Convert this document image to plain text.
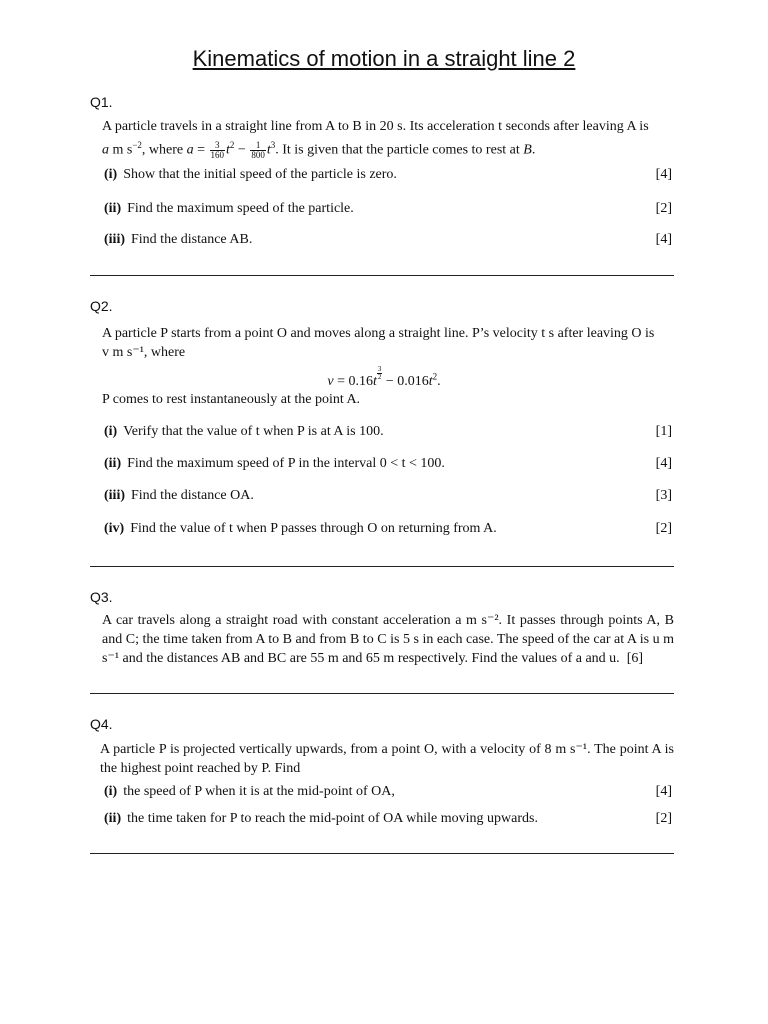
Kinematics of motion in a straight line 2
Q1.
A particle travels in a straight line from A to B in 20 s. Its acceleration t seconds after leaving A is
a m $s^{-2}$, where $a = \frac{3}{160} t^2 - \frac{1}{800} t^3$. It is given that the particle comes to rest at B.
(i) Show that the initial speed of the particle is zero.	[4]
(ii) Find the maximum speed of the particle.	[2]
(iii) Find the distance AB.	[4]
Q2.
A particle P starts from a point O and moves along a straight line. P’s velocity t s after leaving O is
v m s⁻¹, where
v = 0.16t
$\frac{3}{2}$
− $0.016t^2$.
P comes to rest instantaneously at the point A.
(i) Verify that the value of t when P is at A is 100.	[1]
(ii) Find the maximum speed of P in the interval 0 < t < 100.	[4]
(iii) Find the distance OA.	[3]
(iv) Find the value of t when P passes through O on returning from A.	[2]
Q3.
A car travels along a straight road with constant acceleration a m s⁻². It passes through points A, B and C; the time taken from A to B and from B to C is 5 s in each case. The speed of the car at A is u m s⁻¹ and the distances AB and BC are 55 m and 65 m respectively. Find the values of a and u. [6]
Q4.
A particle P is projected vertically upwards, from a point O, with a velocity of 8 m s⁻¹. The point A is the highest point reached by P. Find
(i) the speed of P when it is at the mid-point of OA,	[4]
(ii) the time taken for P to reach the mid-point of OA while moving upwards.	[2]
